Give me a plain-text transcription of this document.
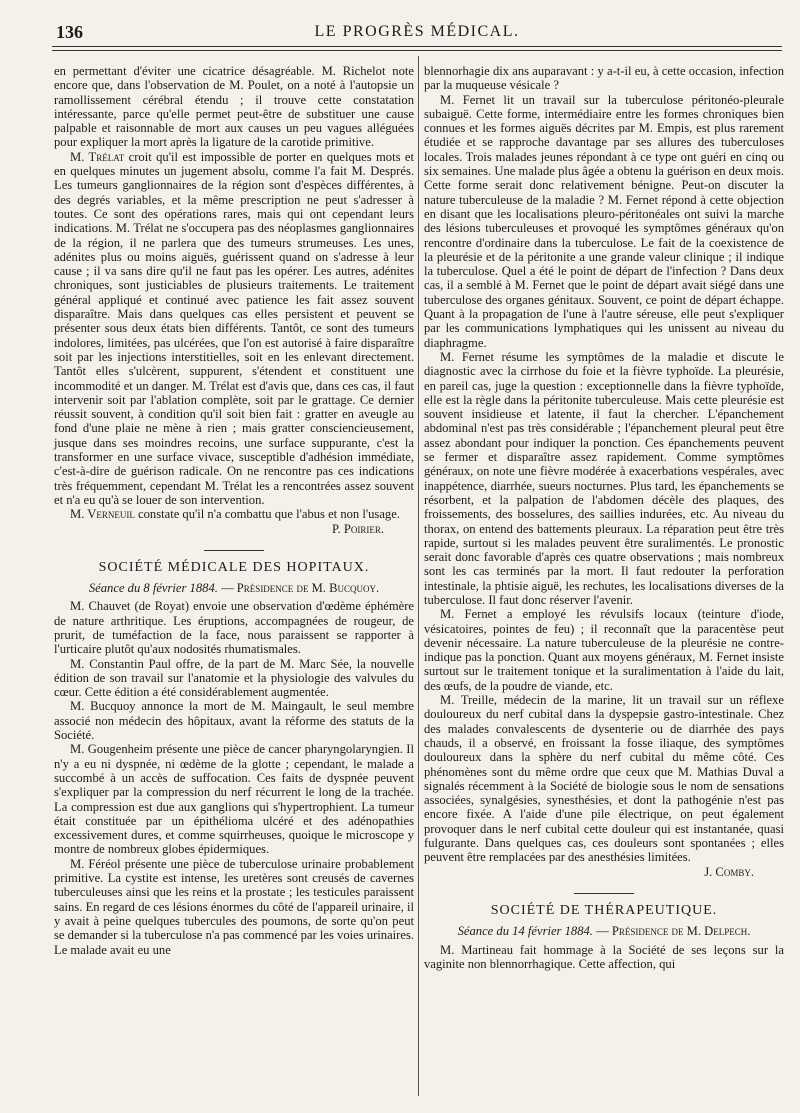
136	LE PROGRÈS MÉDICAL.

en permettant d'éviter une cicatrice désagréable. M. Richelot note encore que, dans l'observation de M. Poulet, on a noté à l'autopsie un ramollissement cérébral étendu ; il trouve cette constatation intéressante, parce qu'elle permet peut-être de substituer une cause palpable et raisonnable de mort aux causes un peu vagues alléguées pour expliquer la mort après la ligature de la carotide primitive.

M. Trélat croit qu'il est impossible de porter en quelques mots et en quelques minutes un jugement absolu, comme l'a fait M. Després. Les tumeurs ganglionnaires de la région sont d'espèces différentes, à des degrés variables, et la même prescription ne peut s'adresser à toutes. Ce sont des opérations rares, mais qui ont cependant leurs indications. M. Trélat ne s'occupera pas des néoplasmes ganglionnaires de la région, il ne parlera que des tumeurs strumeuses. Les unes, adénites plus ou moins aiguës, guérissent quand on s'adresse à leur cause ; il va sans dire qu'il ne faut pas les opérer. Les autres, adénites chroniques, sont justiciables de plusieurs traitements. Le traitement général appliqué et continué avec patience les fait assez souvent disparaître. Mais dans quelques cas elles persistent et peuvent se présenter sous deux états bien différents. Tantôt, ce sont des tumeurs indolores, limitées, pas ulcérées, que l'on est autorisé à faire disparaître soit par les injections interstitielles, soit en les enlevant directement. Tantôt elles s'ulcèrent, suppurent, s'étendent et constituent une incommodité et un danger. M. Trélat est d'avis que, dans ces cas, il faut intervenir soit par l'ablation complète, soit par le grattage. Ce dernier réussit souvent, à condition qu'il soit bien fait : gratter en aveugle au fond d'une plaie ne mène à rien ; mais gratter consciencieusement, jusque dans ses moindres recoins, une surface suppurante, c'est la transformer en une surface vivace, susceptible d'adhésion immédiate, c'est-à-dire de guérison radicale. On ne rencontre pas ces indications très fréquemment, cependant M. Trélat les a rencontrées assez souvent et n'a eu qu'à se louer de son intervention.

M. Verneuil constate qu'il n'a combattu que l'abus et non l'usage.

P. Poirier.

SOCIÉTÉ MÉDICALE DES HOPITAUX.
Séance du 8 février 1884. — Présidence de M. Bucquoy.

M. Chauvet (de Royat) envoie une observation d'œdème éphémère de nature arthritique. Les éruptions, accompagnées de rougeur, de prurit, de tuméfaction de la face, nous paraissent se rapporter à l'urticaire plutôt qu'aux nodosités rhumatismales.

M. Constantin Paul offre, de la part de M. Marc Sée, la nouvelle édition de son travail sur l'anatomie et la physiologie des valvules du cœur. Cette édition a été considérablement augmentée.

M. Bucquoy annonce la mort de M. Maingault, le seul membre associé non médecin des hôpitaux, avant la réforme des statuts de la Société.

M. Gougenheim présente une pièce de cancer pharyngolaryngien. Il n'y a eu ni dyspnée, ni œdème de la glotte ; cependant, le malade a succombé à un accès de suffocation. Ces faits de dyspnée peuvent s'expliquer par la compression du nerf récurrent le long de la trachée. La compression est due aux ganglions qui s'hypertrophient. La tumeur était constituée par un épithélioma ulcéré et des adénopathies excessivement dures, et comme squirrheuses, quoique le microscope y montre de nombreux globes épidermiques.

M. Féréol présente une pièce de tuberculose urinaire probablement primitive. La cystite est intense, les uretères sont creusés de cavernes tuberculeuses ainsi que les reins et la prostate ; les testicules paraissent sains. En regard de ces lésions énormes du côté de l'appareil urinaire, il y avait à peine quelques tubercules des poumons, de sorte qu'on peut se demander si la tuberculose n'a pas commencé par les voies urinaires. Le malade avait eu une

blennorhagie dix ans auparavant : y a-t-il eu, à cette occasion, infection par la muqueuse vésicale ?

M. Fernet lit un travail sur la tuberculose péritonéo-pleurale subaiguë. Cette forme, intermédiaire entre les formes chroniques bien connues et les formes aiguës décrites par M. Empis, est plus rarement étudiée et se rapproche davantage par ses allures des tuberculoses locales. Trois malades jeunes répondant à ce type ont guéri en cinq ou six semaines. Une malade plus âgée a obtenu la guérison en deux mois. Cette forme serait donc relativement bénigne. Peut-on discuter la nature tuberculeuse de la maladie ? M. Fernet répond à cette objection en disant que les localisations pleuro-péritonéales ont suivi la marche des lésions tuberculeuses et provoqué les symptômes généraux qu'on rencontre d'ordinaire dans la tuberculose. Le fait de la coexistence de la pleurésie et de la péritonite a une grande valeur clinique ; il indique la tuberculose. Quel a été le point de départ de l'infection ? Dans deux cas, il a semblé à M. Fernet que le point de départ avait siégé dans une tuberculose des organes génitaux. Souvent, ce point de départ échappe. Quant à la propagation de l'une à l'autre séreuse, elle peut s'expliquer par les communications lymphatiques qui les unissent au niveau du diaphragme.

M. Fernet résume les symptômes de la maladie et discute le diagnostic avec la cirrhose du foie et la fièvre typhoïde. La pleurésie, en pareil cas, juge la question : exceptionnelle dans la fièvre typhoïde, elle est la règle dans la péritonite tuberculeuse. Mais cette pleurésie est souvent insidieuse et latente, il faut la chercher. L'épanchement abdominal n'est pas très considérable ; l'épanchement pleural peut être assez abondant pour indiquer la ponction. Ces épanchements peuvent se fermer et disparaître assez rapidement. Comme symptômes généraux, on note une fièvre modérée à exacerbations vespérales, avec inappétence, diarrhée, sueurs nocturnes. Plus tard, les épanchements se résorbent, et la palpation de l'abdomen décèle des plaques, des froissements, des bosselures, des saillies indurées, etc. Au niveau du thorax, on entend des battements pleuraux. La réparation peut être très rapide, surtout si les malades peuvent être suralimentés. Le pronostic serait donc favorable d'après ces quatre observations ; mais nombreux sont les cas terminés par la mort. Il faut redouter la perforation intestinale, la phtisie aiguë, les rechutes, les localisations diverses de la tuberculose. Il faut donc réserver l'avenir.

M. Fernet a employé les révulsifs locaux (teinture d'iode, vésicatoires, pointes de feu) ; il reconnaît que la paracentèse peut devenir nécessaire. La nature tuberculeuse de la pleurésie ne contre-indique pas la ponction. Quant aux moyens généraux, M. Fernet insiste surtout sur le traitement tonique et la suralimentation à l'aide du lait, des œufs, de la poudre de viande, etc.

M. Treille, médecin de la marine, lit un travail sur un réflexe douloureux du nerf cubital dans la dyspepsie gastro-intestinale. Chez des malades convalescents de dysenterie ou de diarrhée des pays chauds, il a observé, en froissant la fosse iliaque, des symptômes douloureux dans la sphère du nerf cubital du même côté. Ces phénomènes sont du même ordre que ceux que M. Mathias Duval a signalés récemment à la Société de biologie sous le nom de sensations associées, synalgésies, synesthésies, et dont la pathogénie n'est pas encore fixée. A l'aide d'une pile électrique, on peut également provoquer dans le nerf cubital cette douleur qui est instantanée, quasi fulgurante. Dans quelques cas, ces douleurs sont spontanées ; elles peuvent être remplacées par des anesthésies limitées.

J. Comby.

SOCIÉTÉ DE THÉRAPEUTIQUE.
Séance du 14 février 1884. — Présidence de M. Delpech.

M. Martineau fait hommage à la Société de ses leçons sur la vaginite non blennorrhagique. Cette affection, qui
